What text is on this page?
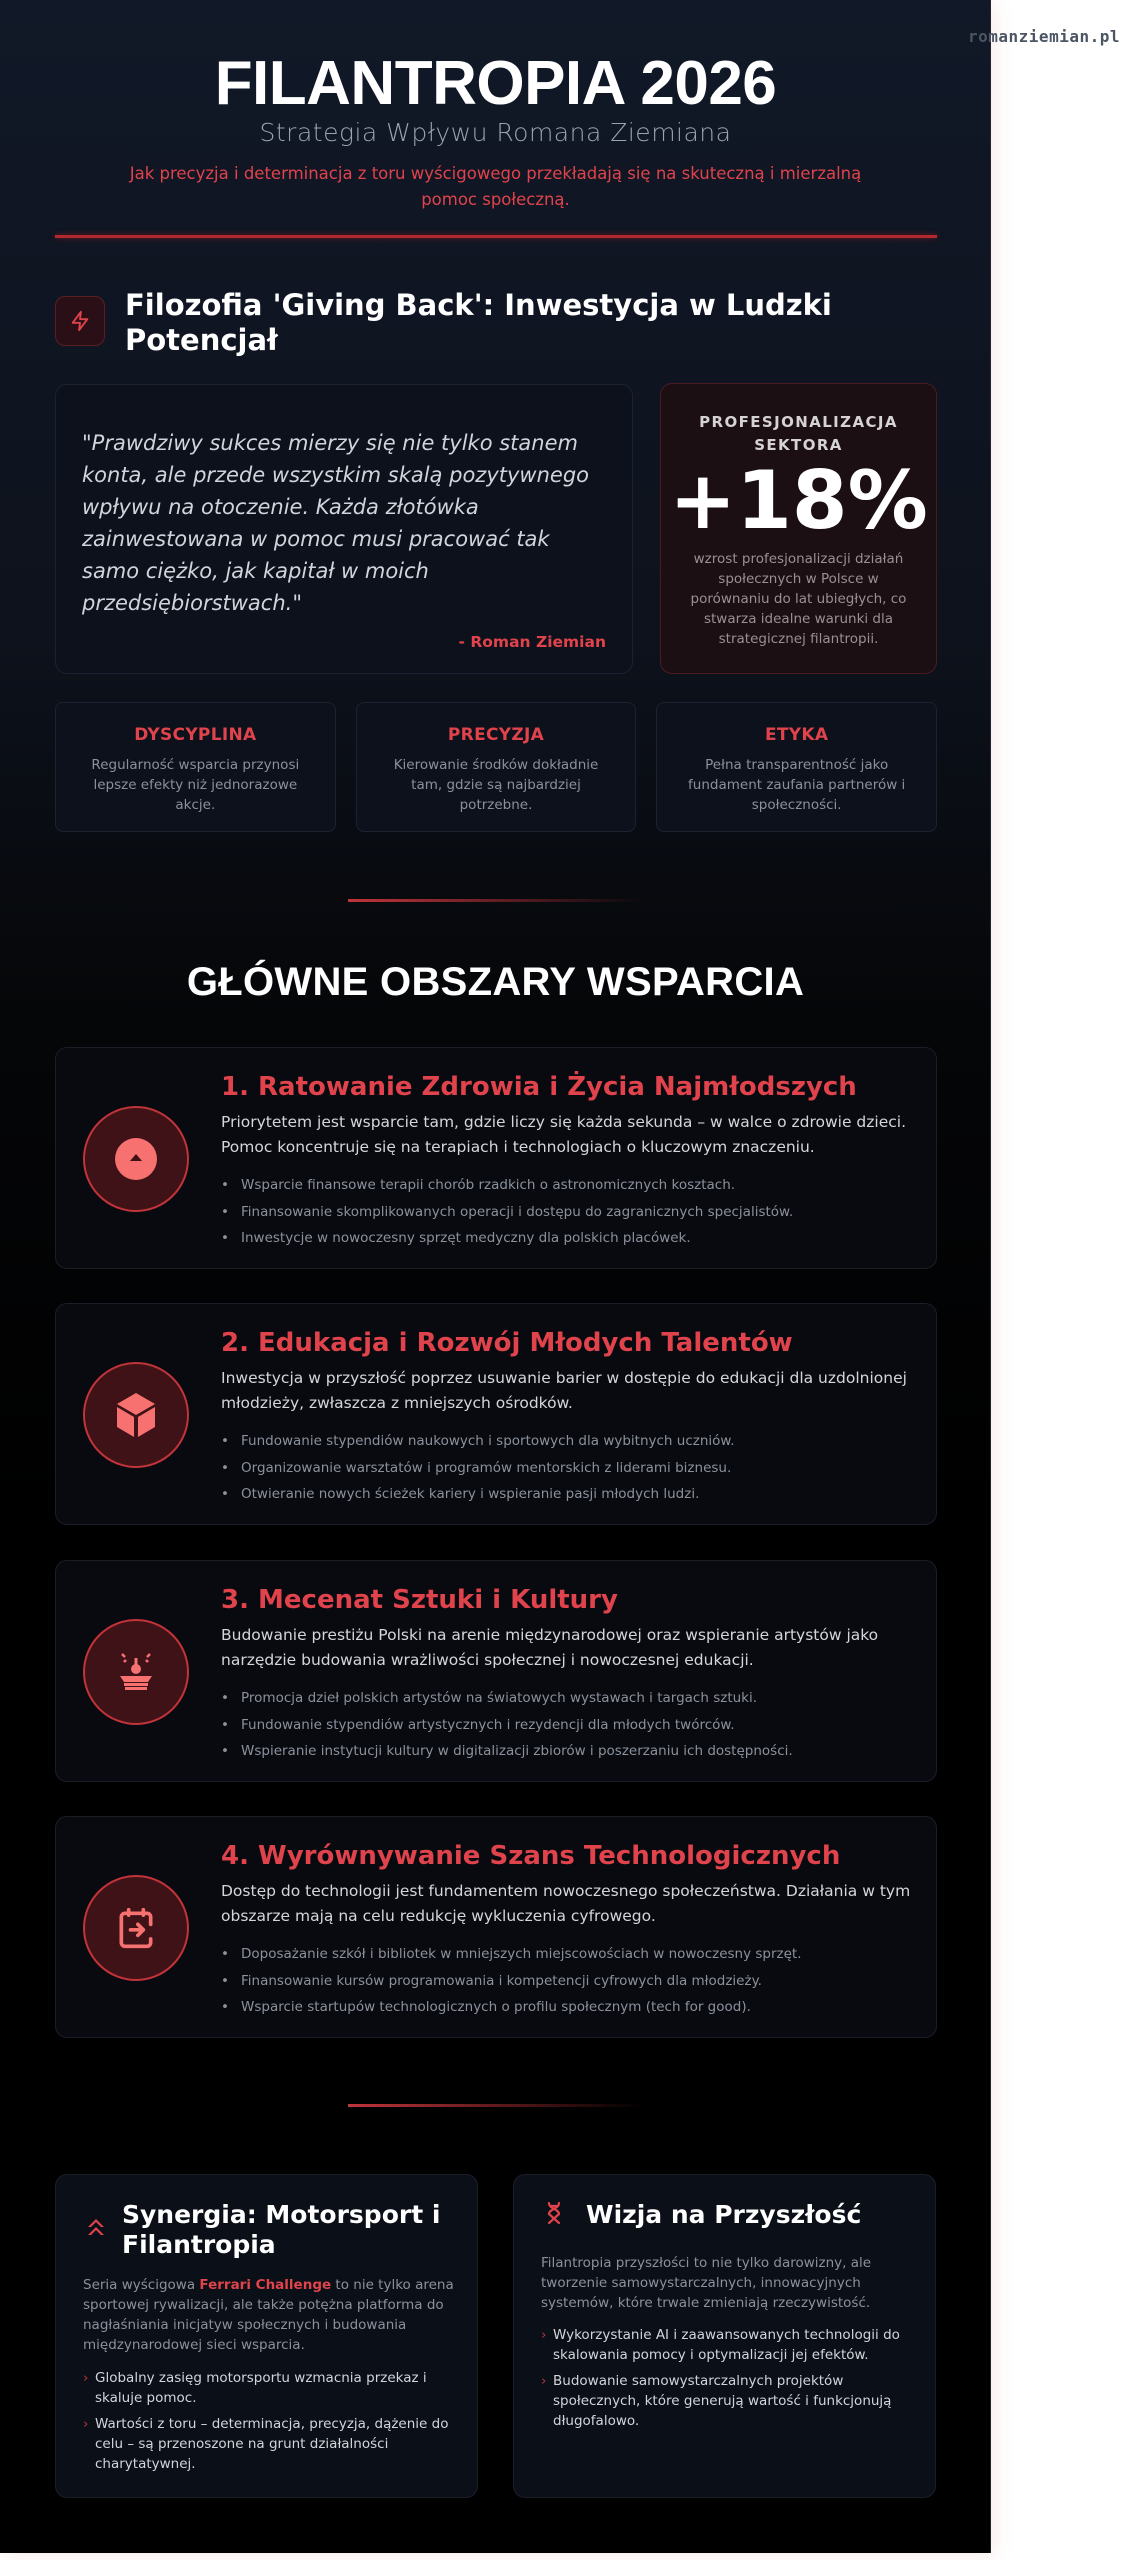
FILANTROPIA 2026
Strategia Wpływu Romana Ziemiana

Jak precyzja i determinacja z toru wyścigowego przekładają się na skuteczną i mierzalną pomoc społeczną.

Filozofia 'Giving Back': Inwestycja w Ludzki Potencjał

"Prawdziwy sukces mierzy się nie tylko stanem konta, ale przede wszystkim skalą pozytywnego wpływu na otoczenie. Każda złotówka zainwestowana w pomoc musi pracować tak samo ciężko, jak kapitał w moich przedsiębiorstwach."

- Roman Ziemian
PROFESJONALIZACJA SEKTORA
+18%
wzrost profesjonalizacji działań społecznych w Polsce w porównaniu do lat ubiegłych, co stwarza idealne warunki dla strategicznej filantropii.
DYSCYPLINA
Regularność wsparcia przynosi lepsze efekty niż jednorazowe akcje.
PRECYZJA
Kierowanie środków dokładnie tam, gdzie są najbardziej potrzebne.
ETYKA
Pełna transparentność jako fundament zaufania partnerów i społeczności.
GŁÓWNE OBSZARY WSPARCIA
1. Ratowanie Zdrowia i Życia Najmłodszych

Priorytetem jest wsparcie tam, gdzie liczy się każda sekunda – w walce o zdrowie dzieci. Pomoc koncentruje się na terapiach i technologiach o kluczowym znaczeniu.

• Wsparcie finansowe terapii chorób rzadkich o astronomicznych kosztach.
• Finansowanie skomplikowanych operacji i dostępu do zagranicznych specjalistów.
• Inwestycje w nowoczesny sprzęt medyczny dla polskich placówek.
2. Edukacja i Rozwój Młodych Talentów

Inwestycja w przyszłość poprzez usuwanie barier w dostępie do edukacji dla uzdolnionej młodzieży, zwłaszcza z mniejszych ośrodków.

• Fundowanie stypendiów naukowych i sportowych dla wybitnych uczniów.
• Organizowanie warsztatów i programów mentorskich z liderami biznesu.
• Otwieranie nowych ścieżek kariery i wspieranie pasji młodych ludzi.
3. Mecenat Sztuki i Kultury

Budowanie prestiżu Polski na arenie międzynarodowej oraz wspieranie artystów jako narzędzie budowania wrażliwości społecznej i nowoczesnej edukacji.

• Promocja dzieł polskich artystów na światowych wystawach i targach sztuki.
• Fundowanie stypendiów artystycznych i rezydencji dla młodych twórców.
• Wspieranie instytucji kultury w digitalizacji zbiorów i poszerzaniu ich dostępności.
4. Wyrównywanie Szans Technologicznych

Dostęp do technologii jest fundamentem nowoczesnego społeczeństwa. Działania w tym obszarze mają na celu redukcję wykluczenia cyfrowego.

• Doposażanie szkół i bibliotek w mniejszych miejscowościach w nowoczesny sprzęt.
• Finansowanie kursów programowania i kompetencji cyfrowych dla młodzieży.
• Wsparcie startupów technologicznych o profilu społecznym (tech for good).
Synergia: Motorsport i Filantropia

Seria wyścigowa Ferrari Challenge to nie tylko arena sportowej rywalizacji, ale także potężna platforma do nagłaśniania inicjatyw społecznych i budowania międzynarodowej sieci wsparcia.

› Globalny zasięg motorsportu wzmacnia przekaz i skaluje pomoc.
› Wartości z toru – determinacja, precyzja, dążenie do celu – są przenoszone na grunt działalności charytatywnej.
Wizja na Przyszłość

Filantropia przyszłości to nie tylko darowizny, ale tworzenie samowystarczalnych, innowacyjnych systemów, które trwale zmieniają rzeczywistość.

› Wykorzystanie AI i zaawansowanych technologii do skalowania pomocy i optymalizacji jej efektów.
› Budowanie samowystarczalnych projektów społecznych, które generują wartość i funkcjonują długofalowo.
romanziemian.pl
